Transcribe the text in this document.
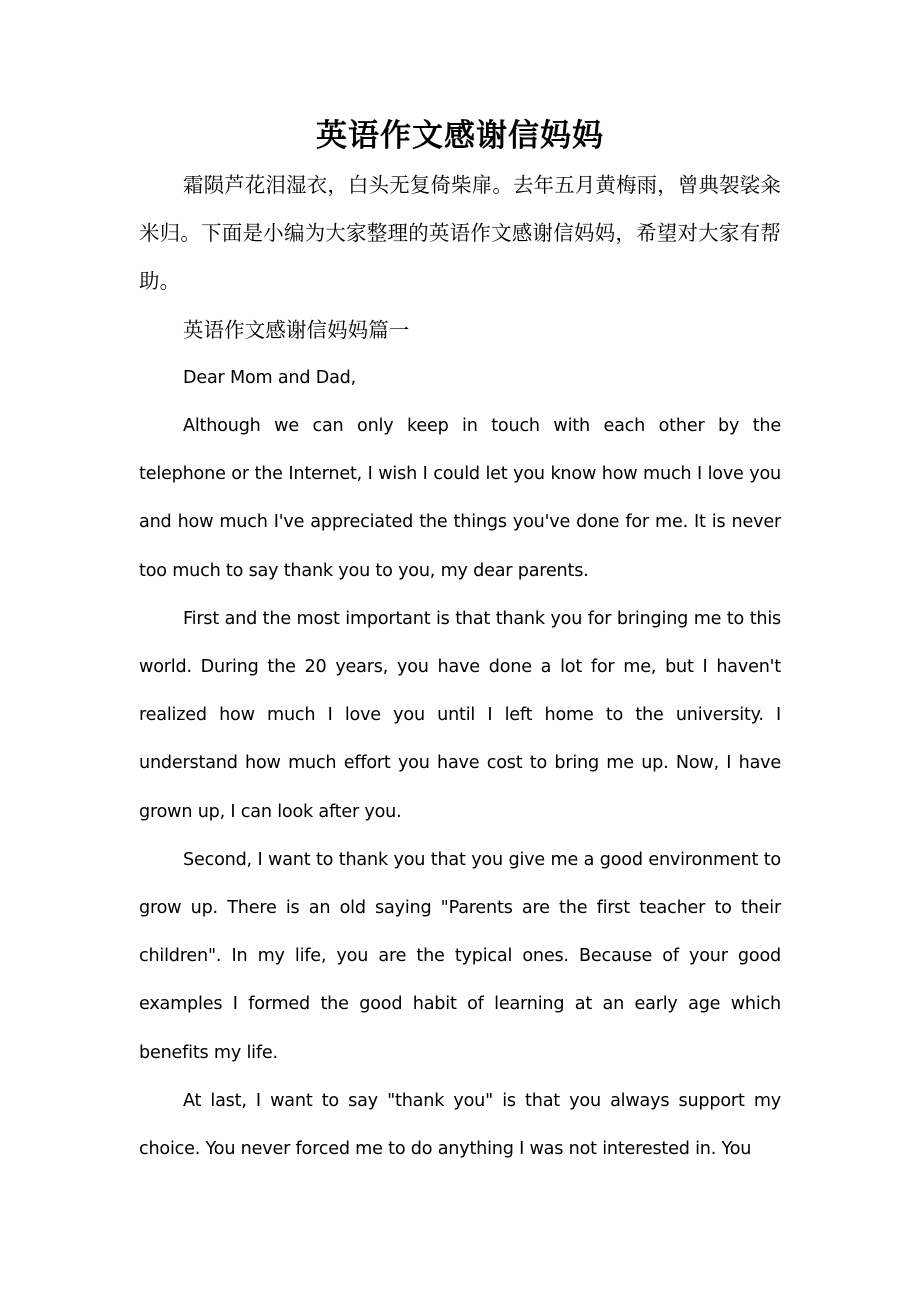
英语作文感谢信妈妈

霜陨芦花泪湿衣，白头无复倚柴扉。去年五月黄梅雨，曾典袈裟籴米归。下面是小编为大家整理的英语作文感谢信妈妈，希望对大家有帮助。

英语作文感谢信妈妈篇一

Dear Mom and Dad,

Although we can only keep in touch with each other by the telephone or the Internet, I wish I could let you know how much I love you and how much I've appreciated the things you've done for me. It is never too much to say thank you to you, my dear parents.

First and the most important is that thank you for bringing me to this world. During the 20 years, you have done a lot for me, but I haven't realized how much I love you until I left home to the university. I understand how much effort you have cost to bring me up. Now, I have grown up, I can look after you.

Second, I want to thank you that you give me a good environment to grow up. There is an old saying "Parents are the first teacher to their children". In my life, you are the typical ones. Because of your good examples I formed the good habit of learning at an early age which benefits my life.

At last, I want to say "thank you" is that you always support my choice. You never forced me to do anything I was not interested in. You
